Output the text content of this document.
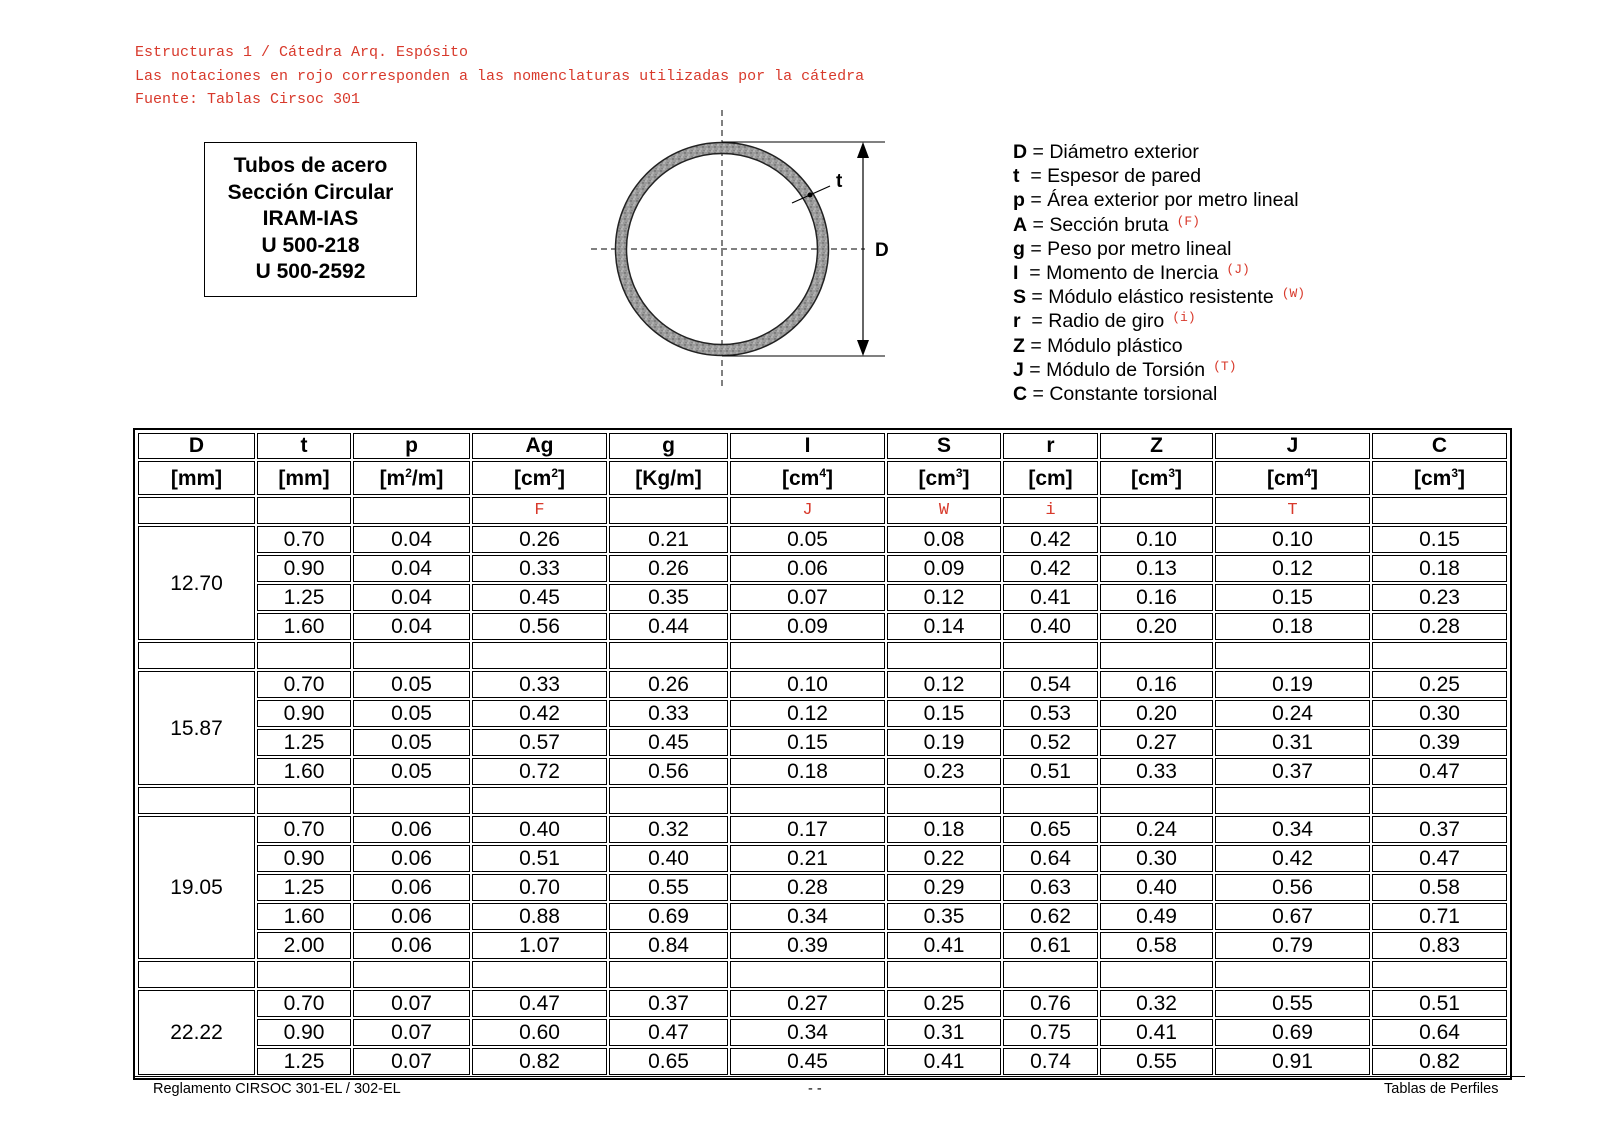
Estructuras 1 / Cátedra Arq. Espósito
Las notaciones en rojo corresponden a las nomenclaturas utilizadas por la cátedra
Fuente: Tablas Cirsoc 301
Tubos de acero
Sección Circular
IRAM-IAS
U 500-218
U 500-2592
t
D
D = Diámetro exterior
t  = Espesor de pared
p = Área exterior por metro lineal
A = Sección bruta $^{(F)}$
g = Peso por metro lineal
I  = Momento de Inercia $^{(J)}$
S = Módulo elástico resistente $^{(W)}$
r  = Radio de giro $^{(i)}$
Z = Módulo plástico
J = Módulo de Torsión $^{(T)}$
C = Constante torsional
D	t	p	Ag	g	I	S	r	Z	J	C
[mm]	[mm]	$[m^2/m]$	$[cm^2]$	[Kg/m]	$[cm^4]$	$[cm^3]$	[cm]	$[cm^3]$	$[cm^4]$	$[cm^3]$
			F		J	W	i		T	
12.70	0.70	0.04	0.26	0.21	0.05	0.08	0.42	0.10	0.10	0.15
	0.90	0.04	0.33	0.26	0.06	0.09	0.42	0.13	0.12	0.18
	1.25	0.04	0.45	0.35	0.07	0.12	0.41	0.16	0.15	0.23
	1.60	0.04	0.56	0.44	0.09	0.14	0.40	0.20	0.18	0.28

15.87	0.70	0.05	0.33	0.26	0.10	0.12	0.54	0.16	0.19	0.25
	0.90	0.05	0.42	0.33	0.12	0.15	0.53	0.20	0.24	0.30
	1.25	0.05	0.57	0.45	0.15	0.19	0.52	0.27	0.31	0.39
	1.60	0.05	0.72	0.56	0.18	0.23	0.51	0.33	0.37	0.47

19.05	0.70	0.06	0.40	0.32	0.17	0.18	0.65	0.24	0.34	0.37
	0.90	0.06	0.51	0.40	0.21	0.22	0.64	0.30	0.42	0.47
	1.25	0.06	0.70	0.55	0.28	0.29	0.63	0.40	0.56	0.58
	1.60	0.06	0.88	0.69	0.34	0.35	0.62	0.49	0.67	0.71
	2.00	0.06	1.07	0.84	0.39	0.41	0.61	0.58	0.79	0.83

22.22	0.70	0.07	0.47	0.37	0.27	0.25	0.76	0.32	0.55	0.51
	0.90	0.07	0.60	0.47	0.34	0.31	0.75	0.41	0.69	0.64
	1.25	0.07	0.82	0.65	0.45	0.41	0.74	0.55	0.91	0.82
Reglamento CIRSOC 301-EL / 302-EL	- -	Tablas de Perfiles
